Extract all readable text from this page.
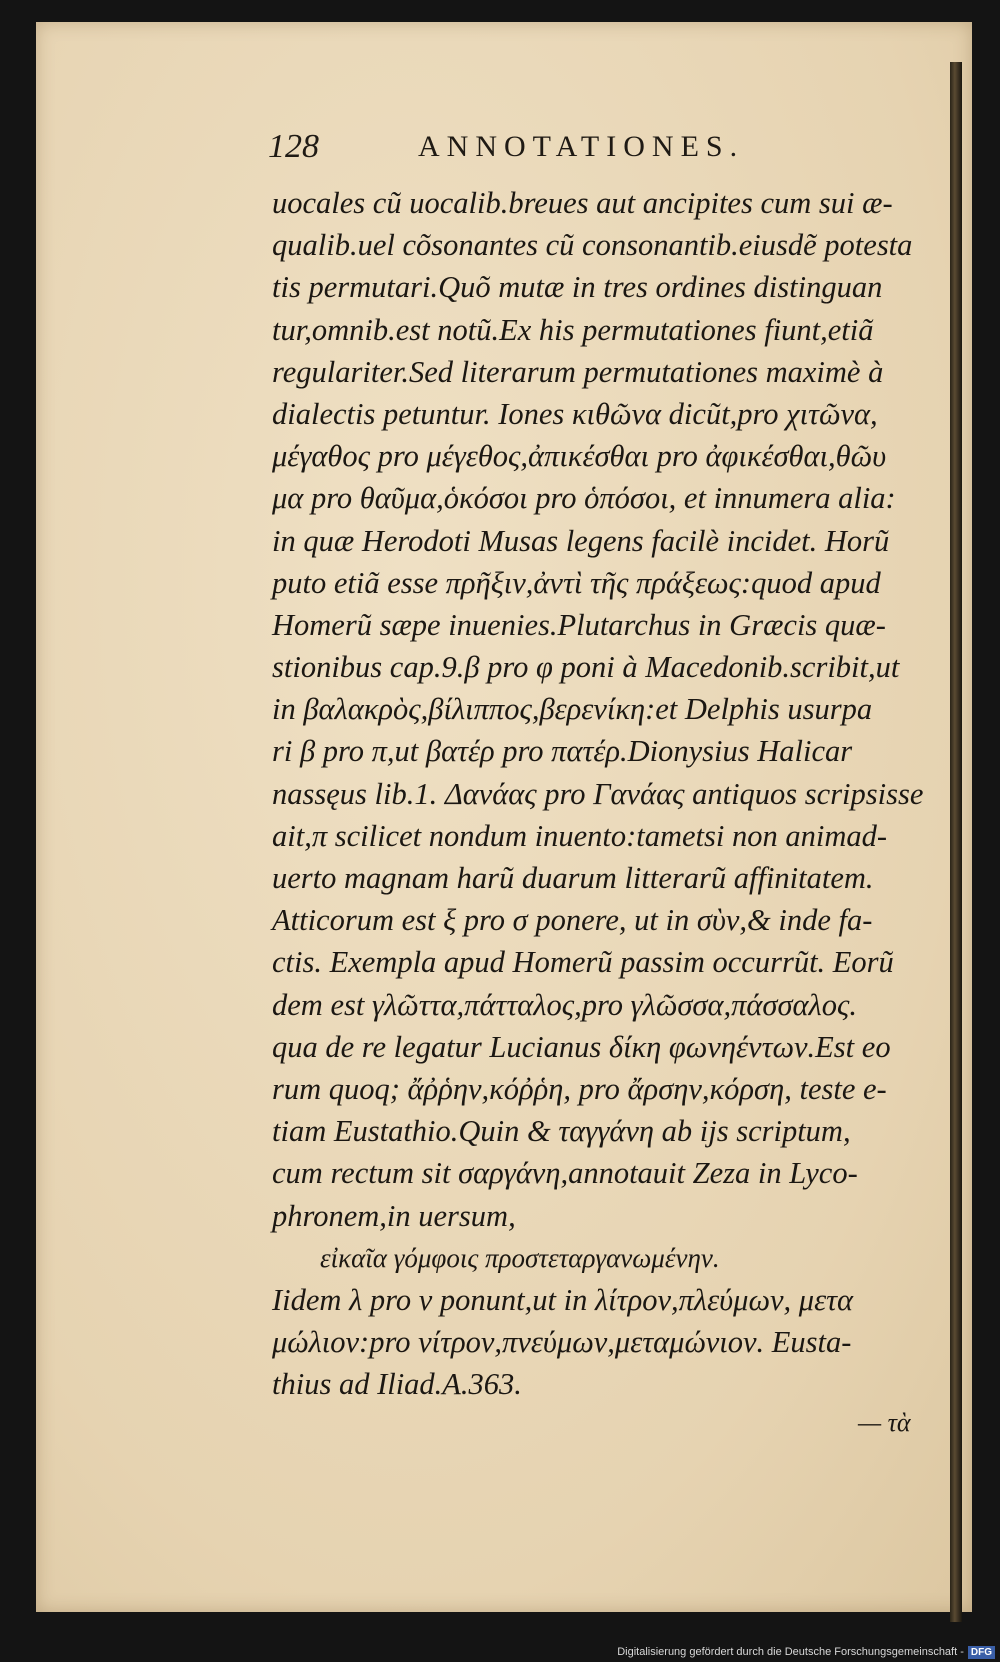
128	ANNOTATIONES.
uocales cũ uocalib.breues aut ancipites cum sui æ-
qualib.uel cõsonantes cũ consonantib.eiusdẽ potesta
tis permutari.Quõ mutæ in tres ordines distinguan
tur,omnib.est notũ.Ex his permutationes fiunt,etiã
regulariter.Sed literarum permutationes maximè à
dialectis petuntur. Iones κιθῶνα dicũt,pro χιτῶνα,
μέγαθος pro μέγεθος,ἀπικέσθαι pro ἀφικέσθαι,θῶυ
μα pro θαῦμα,ὁκόσοι pro ὁπόσοι, et innumera alia:
in quæ Herodoti Musas legens facilè incidet. Horũ
puto etiã esse πρῆξιν,ἀντὶ τῆς πράξεως:quod apud
Homerũ sæpe inuenies.Plutarchus in Græcis quæ-
stionibus cap.9.β pro φ poni à Macedonib.scribit,ut
in βαλακρὸς,βίλιππος,βερενίκη:et Delphis usurpa
ri β pro π,ut βατέρ pro πατέρ.Dionysius Halicar
nassęus lib.1. Δανάας pro Γανάας antiquos scripsisse
ait,π scilicet nondum inuento:tametsi non animad-
uerto magnam harũ duarum litterarũ affinitatem.
Atticorum est ξ pro σ ponere, ut in σὺν,& inde fa-
ctis. Exempla apud Homerũ passim occurrũt. Eorũ
dem est γλῶττα,πάτταλος,pro γλῶσσα,πάσσαλος.
qua de re legatur Lucianus δίκη φωνηέντων.Est eo
rum quoq; ἄῤῥην,κόῤῥη, pro ἄρσην,κόρση, teste e-
tiam Eustathio.Quin & ταγγάνη ab ijs scriptum,
cum rectum sit σαργάνη,annotauit Zeza in Lyco-
phronem,in uersum,
εἰκαῖα γόμφοις προστεταργανωμένην.
Iidem λ pro ν ponunt,ut in λίτρον,πλεύμων, μετα
μώλιον:pro νίτρον,πνεύμων,μεταμώνιον. Eusta-
thius ad Iliad.Α.363.
— τὰ
Digitalisierung gefördert durch die Deutsche Forschungsgemeinschaft - DFG
